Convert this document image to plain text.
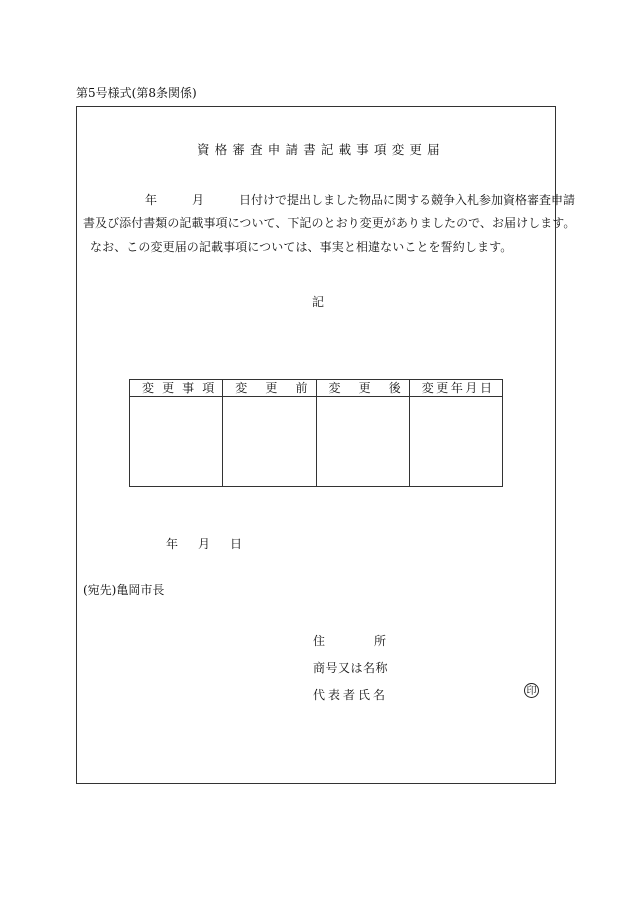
第5号様式(第8条関係)
資格審査申請書記載事項変更届
年	月	日付けで提出しました物品に関する競争入札参加資格審査申請
書及び添付書類の記載事項について、下記のとおり変更がありましたので、お届けします。
なお、この変更届の記載事項については、事実と相違ないことを誓約します。
記
変 更 事 項	変 更 前	変 更 後	変 更 年 月 日

年 月 日
(宛先)亀岡市長
住	所
商号又は名称
代 表 者 氏 名	印
